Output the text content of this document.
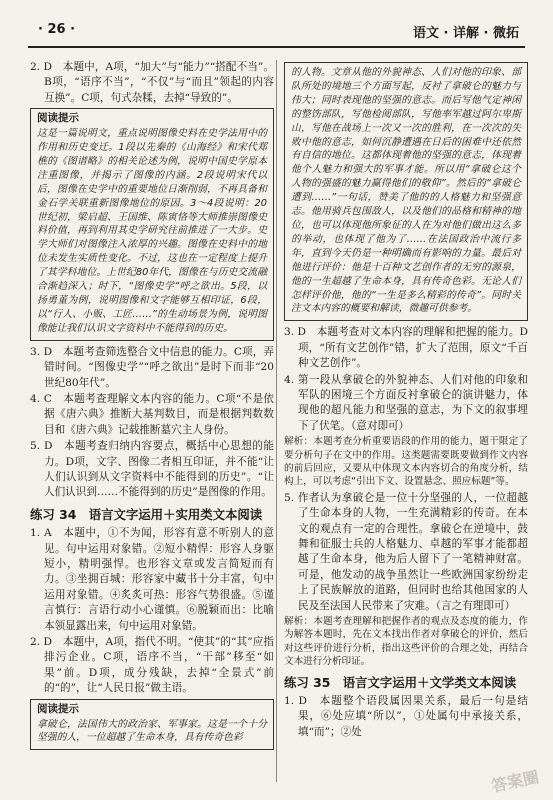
· 26 ·	语文 · 详解 · 微拓

2. D　本题中，A项，“加大”与“能力”“搭配不当”。B项，“语序不当”，“不仅”与“而且”领起的内容互换”。C项，句式杂糅，去掉“导致的”。

阅读提示

这是一篇说明文，重点说明图像史料在史学法用中的作用和历史变迁。1段以先秦的《山海经》和宋代郑樵的《图谱略》的相关论述为例，说明中国史学原本注重图像，并揭示了图像的内涵。2段说明宋代以后，图像在史学中的重要地位日渐削弱，不再具备和金石学关联重新图像地位的原因。3～4段说明：20世纪初，梁启超、王国维、陈寅恪等大师推崇图像史料价值，再到利用其史学研究往前推进了一大步。史学大师们对图像注入浓厚的兴趣。图像在史料中的地位未发生实质性变化。不过，这也在一定程度上提升了其学科地位。上世纪80年代，图像在与历史交流融合渐趋深入；时下，“图像史学”呼之欲出。5段，以扬勇董为例，说明图像和文字能够互相印证，6段，以“行人、小贩、工匠……”的生动场景为例，说明图像能让我们认识文字资料中不能得到的历史。

3. D　本题考查筛选整合文中信息的能力。C项，弄错时间。“图像史学”“呼之欲出”是时下而非“20世纪80年代”。

4. C　本题考查理解文本内容的能力。C项“不是依据《唐六典》推断大基判数目，而是根据判数数目和《唐六典》记载推断墓穴主人身份。

5. D　本题考查归纳内容要点，概括中心思想的能力。D项，文字、图像二者相互印证，并不能“让人们认识到从文字资料中不能得到的历史”。“让人们认识到……不能得到的历史”是图像的作用。

练习 34　语言文字运用＋实用类文本阅读

1. A　本题中，①不为闻，形容有意不听别人的意见。句中运用对象错。②短小精悍：形容人身躯短小，精明强悍。也形容文章或发言简短而有力。③坐拥百城：形容家中藏书十分丰富，句中运用对象错。④炙炙可热：形容气势很盛。⑤谨言慎行：言语行动小心谨慎。⑥脱颖而出：比喻本领显露出来，句中运用对象错。

2. D　本题中，A项，指代不明。“使其”的“其”应指排污企业。C项，语序不当，“干部”移至“如果”前。D项，成分残缺，去掉“全景式”前的“的”，让“人民日报”做主语。

阅读提示

拿破仑，法国伟大的政治家、军事家。这是一个十分坚强的人，一位超越了生命本身，具有传奇色彩

的人物。文章从他的外貌神态、人们对他的印象、部队所处的境地三个方面写起，反衬了拿破仑的魅力与伟大；同时表现他的坚强的意志。而后写他气定神闲的整饬部队，写他检阅部队，写他率军越过阿尔卑斯山，写他在战场上一次又一次的胜利，在一次次的失败中他的意志，如何沉静遭遇在日后的困难中还依然有自信的地位。这都体现着他的坚强的意志，体现着他个人魅力和强大的军事才能。所以用“拿破仑这个人物的强盛的魅力赢得他们的敬仰”。然后的“拿破仑遭到……”一句话，赞美了他的的人格魅力和坚强意志。他用骑兵包围敌人，以及他们的品格和精神的地位，也可以体现他所象征的人在为对他们做出这么多的举动，也体现了他为了……在法国政治中流行多年，直到今天仍是一种明确而有影响的力量。最后对他进行评价：他是十百种文艺创作者的无穷的源泉，他的一生超越了生命本身，具有传奇色彩。无论人们怎样评价他，他的“一生是多么精彩的传奇”。同时关注文本内容的概要和解读，微趣可供参考。

3. D　本题考查对文本内容的理解和把握的能力。D项，“所有文艺创作”错，扩大了范围，原文“千百种文艺创作”。

4. 第一段从拿破仑的外貌神态、人们对他的印象和军队的困境三个方面反衬拿破仑的演讲魅力，体现他的超凡能力和坚强的意志，为下文的叙事埋下了伏笔。（意对即可）

解析：本题考查分析重要语段的作用的能力，题干限定了要分析句子在文中的作用。这类题需要既要做到作文内容的前后回应，又要从中体现文本内容切合的角度分析，结构上，可以考虑“引出下文、设置悬念、照应标题”等。

5. 作者认为拿破仑是一位十分坚强的人，一位超越了生命本身的人物，一生充满精彩的传奇。在本文的观点有一定的合理性。拿破仑在逆境中，鼓舞和征服士兵的人格魅力、卓越的军事才能都超越了生命本身，他为后人留下了一笔精神财富。可是，他发动的战争虽然让一些欧洲国家纷纷走上了民族解放的道路，但同时也给其他国家的人民及至法国人民带来了灾难。（言之有理即可）

解析：本题考查理解和把握作者的观点及态度的能力，作为解答本题时，先在文本找出作者对拿破仑的评价，然后对这些评价进行分析，指出这些评价的合理之处，再结合文本进行分析印证。

练习 35　语言文字运用＋文学类文本阅读

1. D　本题整个语段属因果关系，最后一句是结果，⑥处应填“所以”，①处属句中承接关系，填“而”；②处

答案圈
